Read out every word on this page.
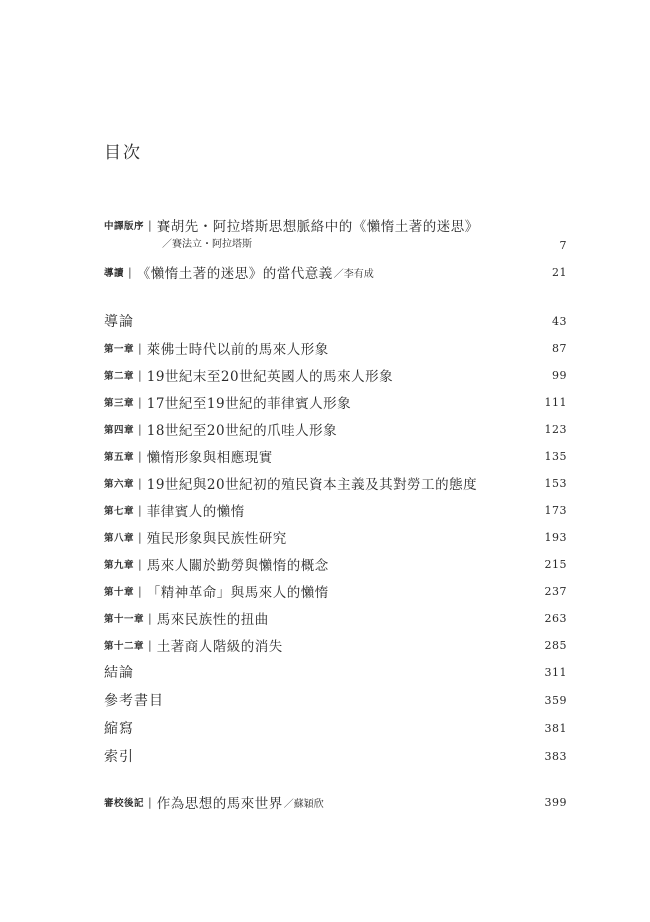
目次
中譯版序 | 賽胡先・阿拉塔斯思想脈絡中的《懶惰土著的迷思》
／賽法立・阿拉塔斯	7
導讀 | 《懶惰土著的迷思》的當代意義 ／李有成	21
導論	43
第一章 | 萊佛士時代以前的馬來人形象	87
第二章 | 19世紀末至20世紀英國人的馬來人形象	99
第三章 | 17世紀至19世紀的菲律賓人形象	111
第四章 | 18世紀至20世紀的爪哇人形象	123
第五章 | 懶惰形象與相應現實	135
第六章 | 19世紀與20世紀初的殖民資本主義及其對勞工的態度	153
第七章 | 菲律賓人的懶惰	173
第八章 | 殖民形象與民族性研究	193
第九章 | 馬來人關於勤勞與懶惰的概念	215
第十章 | 「精神革命」與馬來人的懶惰	237
第十一章 | 馬來民族性的扭曲	263
第十二章 | 土著商人階級的消失	285
結論	311
參考書目	359
縮寫	381
索引	383
審校後記 | 作為思想的馬來世界 ／蘇穎欣	399
